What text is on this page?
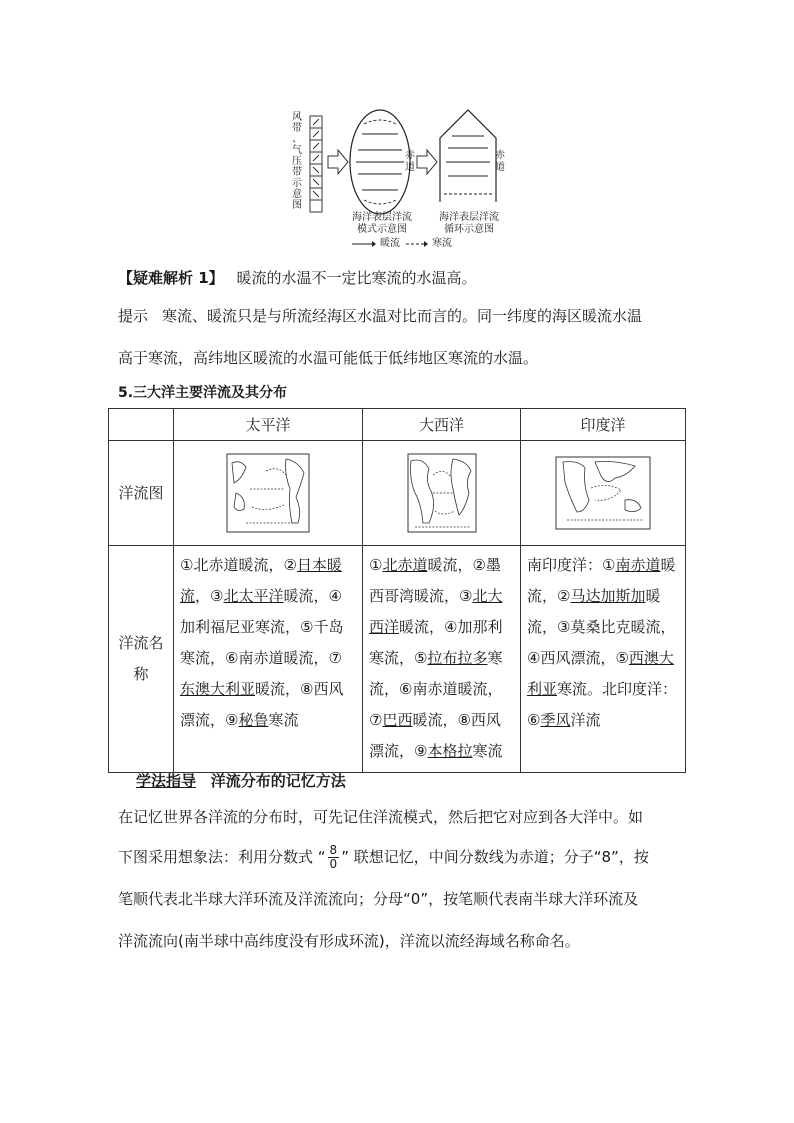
风
带
、
气
压
带
示
意
图
赤道
赤道
海洋表层洋流
模式示意图
海洋表层洋流
循环示意图
暖流	寒流
【疑难解析 1】 暖流的水温不一定比寒流的水温高。
提示 寒流、暖流只是与所流经海区水温对比而言的。同一纬度的海区暖流水温
高于寒流，高纬地区暖流的水温可能低于低纬地区寒流的水温。
5.三大洋主要洋流及其分布
	太平洋	大西洋	印度洋
洋流图	

洋流名
称	①北赤道暖流，②日本暖流，③北太平洋暖流，④加利福尼亚寒流，⑤千岛寒流，⑥南赤道暖流，⑦东澳大利亚暖流，⑧西风漂流，⑨秘鲁寒流	①北赤道暖流，②墨西哥湾暖流，③北大西洋暖流，④加那利寒流，⑤拉布拉多寒流，⑥南赤道暖流，⑦巴西暖流，⑧西风漂流，⑨本格拉寒流	南印度洋：①南赤道暖流，②马达加斯加暖流，③莫桑比克暖流，④西风漂流，⑤西澳大利亚寒流。北印度洋：⑥季风洋流
学法指导 洋流分布的记忆方法
在记忆世界各洋流的分布时，可先记住洋流模式，然后把它对应到各大洋中。如
下图采用想象法：利用分数式 “ $\frac{8}{0}$ ” 联想记忆，中间分数线为赤道；分子“8”，按
笔顺代表北半球大洋环流及洋流流向；分母“0”，按笔顺代表南半球大洋环流及
洋流流向(南半球中高纬度没有形成环流)，洋流以流经海域名称命名。
